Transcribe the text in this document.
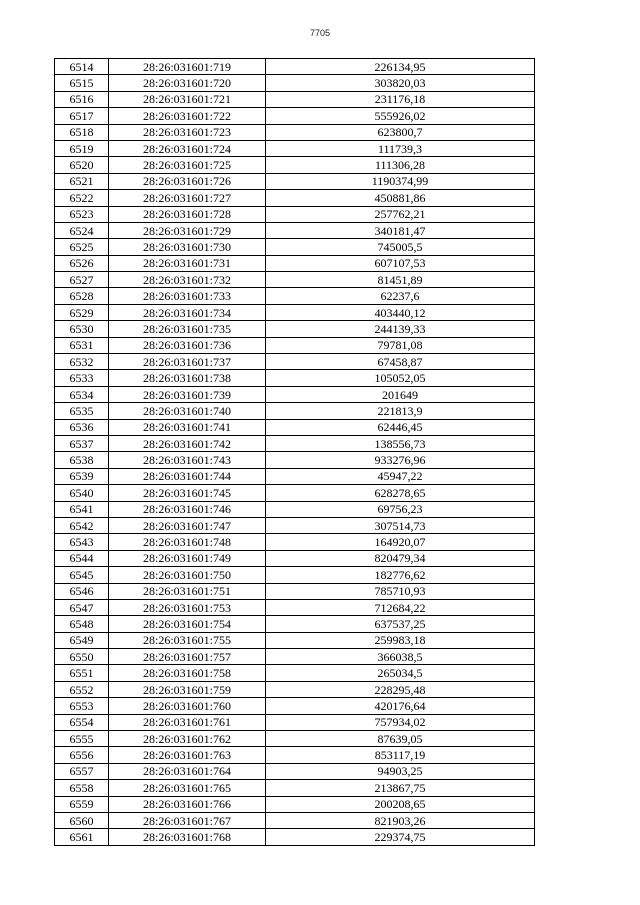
7705
6514	28:26:031601:719	226134,95
6515	28:26:031601:720	303820,03
6516	28:26:031601:721	231176,18
6517	28:26:031601:722	555926,02
6518	28:26:031601:723	623800,7
6519	28:26:031601:724	111739,3
6520	28:26:031601:725	111306,28
6521	28:26:031601:726	1190374,99
6522	28:26:031601:727	450881,86
6523	28:26:031601:728	257762,21
6524	28:26:031601:729	340181,47
6525	28:26:031601:730	745005,5
6526	28:26:031601:731	607107,53
6527	28:26:031601:732	81451,89
6528	28:26:031601:733	62237,6
6529	28:26:031601:734	403440,12
6530	28:26:031601:735	244139,33
6531	28:26:031601:736	79781,08
6532	28:26:031601:737	67458,87
6533	28:26:031601:738	105052,05
6534	28:26:031601:739	201649
6535	28:26:031601:740	221813,9
6536	28:26:031601:741	62446,45
6537	28:26:031601:742	138556,73
6538	28:26:031601:743	933276,96
6539	28:26:031601:744	45947,22
6540	28:26:031601:745	628278,65
6541	28:26:031601:746	69756,23
6542	28:26:031601:747	307514,73
6543	28:26:031601:748	164920,07
6544	28:26:031601:749	820479,34
6545	28:26:031601:750	182776,62
6546	28:26:031601:751	785710,93
6547	28:26:031601:753	712684,22
6548	28:26:031601:754	637537,25
6549	28:26:031601:755	259983,18
6550	28:26:031601:757	366038,5
6551	28:26:031601:758	265034,5
6552	28:26:031601:759	228295,48
6553	28:26:031601:760	420176,64
6554	28:26:031601:761	757934,02
6555	28:26:031601:762	87639,05
6556	28:26:031601:763	853117,19
6557	28:26:031601:764	94903,25
6558	28:26:031601:765	213867,75
6559	28:26:031601:766	200208,65
6560	28:26:031601:767	821903,26
6561	28:26:031601:768	229374,75
